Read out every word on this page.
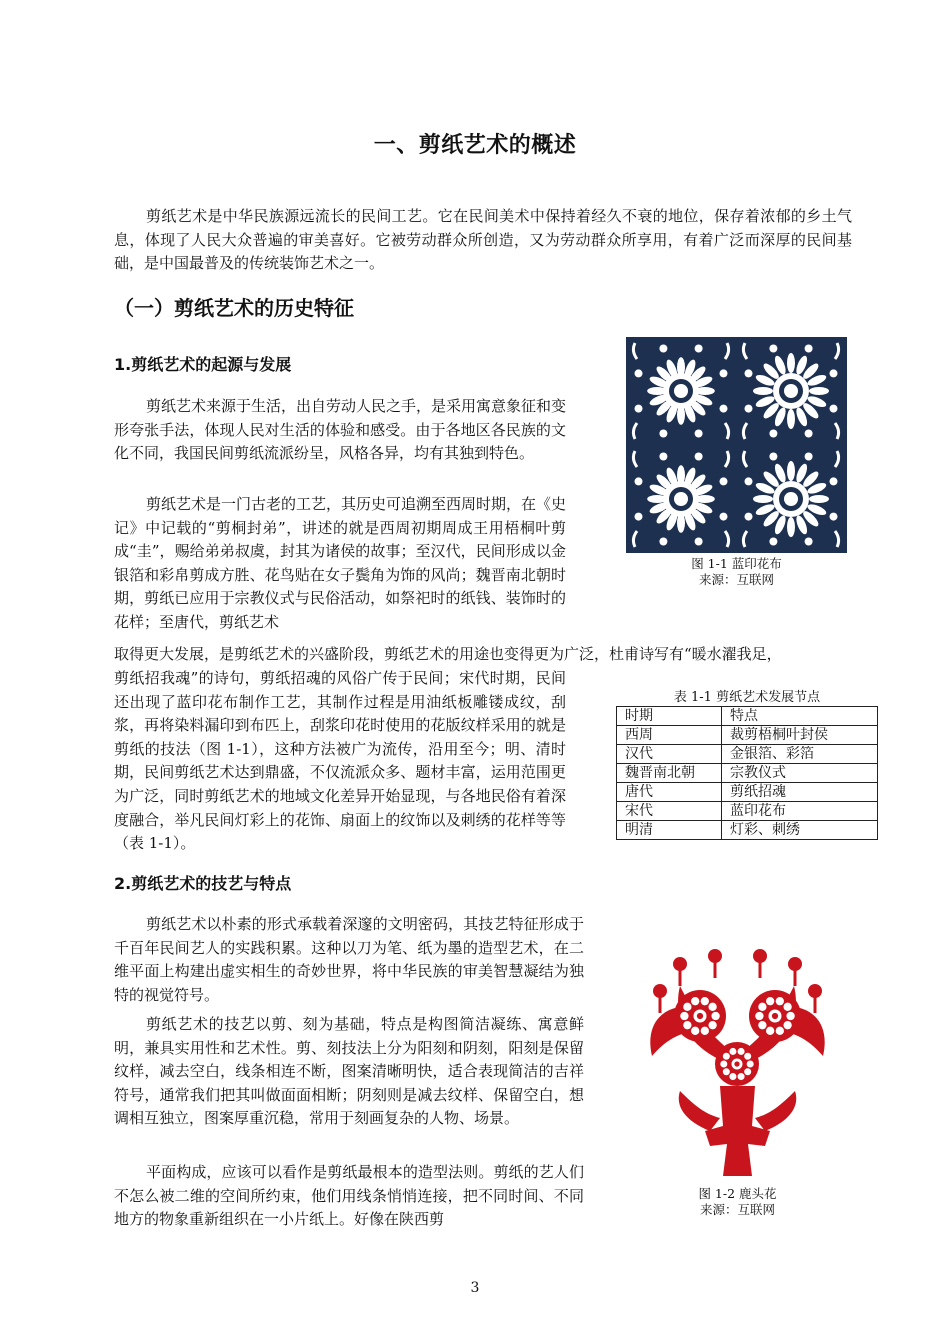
一、剪纸艺术的概述

剪纸艺术是中华民族源远流长的民间工艺。它在民间美术中保持着经久不衰的地位，保存着浓郁的乡土气息，体现了人民大众普遍的审美喜好。它被劳动群众所创造，又为劳动群众所享用，有着广泛而深厚的民间基础，是中国最普及的传统装饰艺术之一。

（一）剪纸艺术的历史特征
1.剪纸艺术的起源与发展

剪纸艺术来源于生活，出自劳动人民之手，是采用寓意象征和变形夸张手法，体现人民对生活的体验和感受。由于各地区各民族的文化不同，我国民间剪纸流派纷呈，风格各异，均有其独到特色。

剪纸艺术是一门古老的工艺，其历史可追溯至西周时期，在《史记》中记载的“剪桐封弟”，讲述的就是西周初期周成王用梧桐叶剪成“圭”，赐给弟弟叔虞，封其为诸侯的故事；至汉代，民间形成以金银箔和彩帛剪成方胜、花鸟贴在女子鬓角为饰的风尚；魏晋南北朝时期，剪纸已应用于宗教仪式与民俗活动，如祭祀时的纸钱、装饰时的花样；至唐代，剪纸艺术

取得更大发展，是剪纸艺术的兴盛阶段，剪纸艺术的用途也变得更为广泛，杜甫诗写有“暖水濯我足，

剪纸招我魂”的诗句，剪纸招魂的风俗广传于民间；宋代时期，民间还出现了蓝印花布制作工艺，其制作过程是用油纸板雕镂成纹，刮浆，再将染料漏印到布匹上，刮浆印花时使用的花版纹样采用的就是剪纸的技法（图 1-1），这种方法被广为流传，沿用至今；明、清时期，民间剪纸艺术达到鼎盛，不仅流派众多、题材丰富，运用范围更为广泛，同时剪纸艺术的地域文化差异开始显现，与各地民俗有着深度融合，举凡民间灯彩上的花饰、扇面上的纹饰以及刺绣的花样等等（表 1-1）。

图 1-1 蓝印花布
来源：互联网
表 1-1 剪纸艺术发展节点
时期	特点
西周	裁剪梧桐叶封侯
汉代	金银箔、彩箔
魏晋南北朝	宗教仪式
唐代	剪纸招魂
宋代	蓝印花布
明清	灯彩、刺绣
2.剪纸艺术的技艺与特点

剪纸艺术以朴素的形式承载着深邃的文明密码，其技艺特征形成于千百年民间艺人的实践积累。这种以刀为笔、纸为墨的造型艺术，在二维平面上构建出虚实相生的奇妙世界，将中华民族的审美智慧凝结为独特的视觉符号。

剪纸艺术的技艺以剪、刻为基础，特点是构图简洁凝练、寓意鲜明，兼具实用性和艺术性。剪、刻技法上分为阳刻和阴刻，阳刻是保留纹样，减去空白，线条相连不断，图案清晰明快，适合表现简洁的吉祥符号，通常我们把其叫做面面相断；阴刻则是减去纹样、保留空白，想调相互独立，图案厚重沉稳，常用于刻画复杂的人物、场景。

平面构成，应该可以看作是剪纸最根本的造型法则。剪纸的艺人们不怎么被二维的空间所约束，他们用线条悄悄连接，把不同时间、不同地方的物象重新组织在一小片纸上。好像在陕西剪

图 1-2 鹿头花
来源：互联网
3
